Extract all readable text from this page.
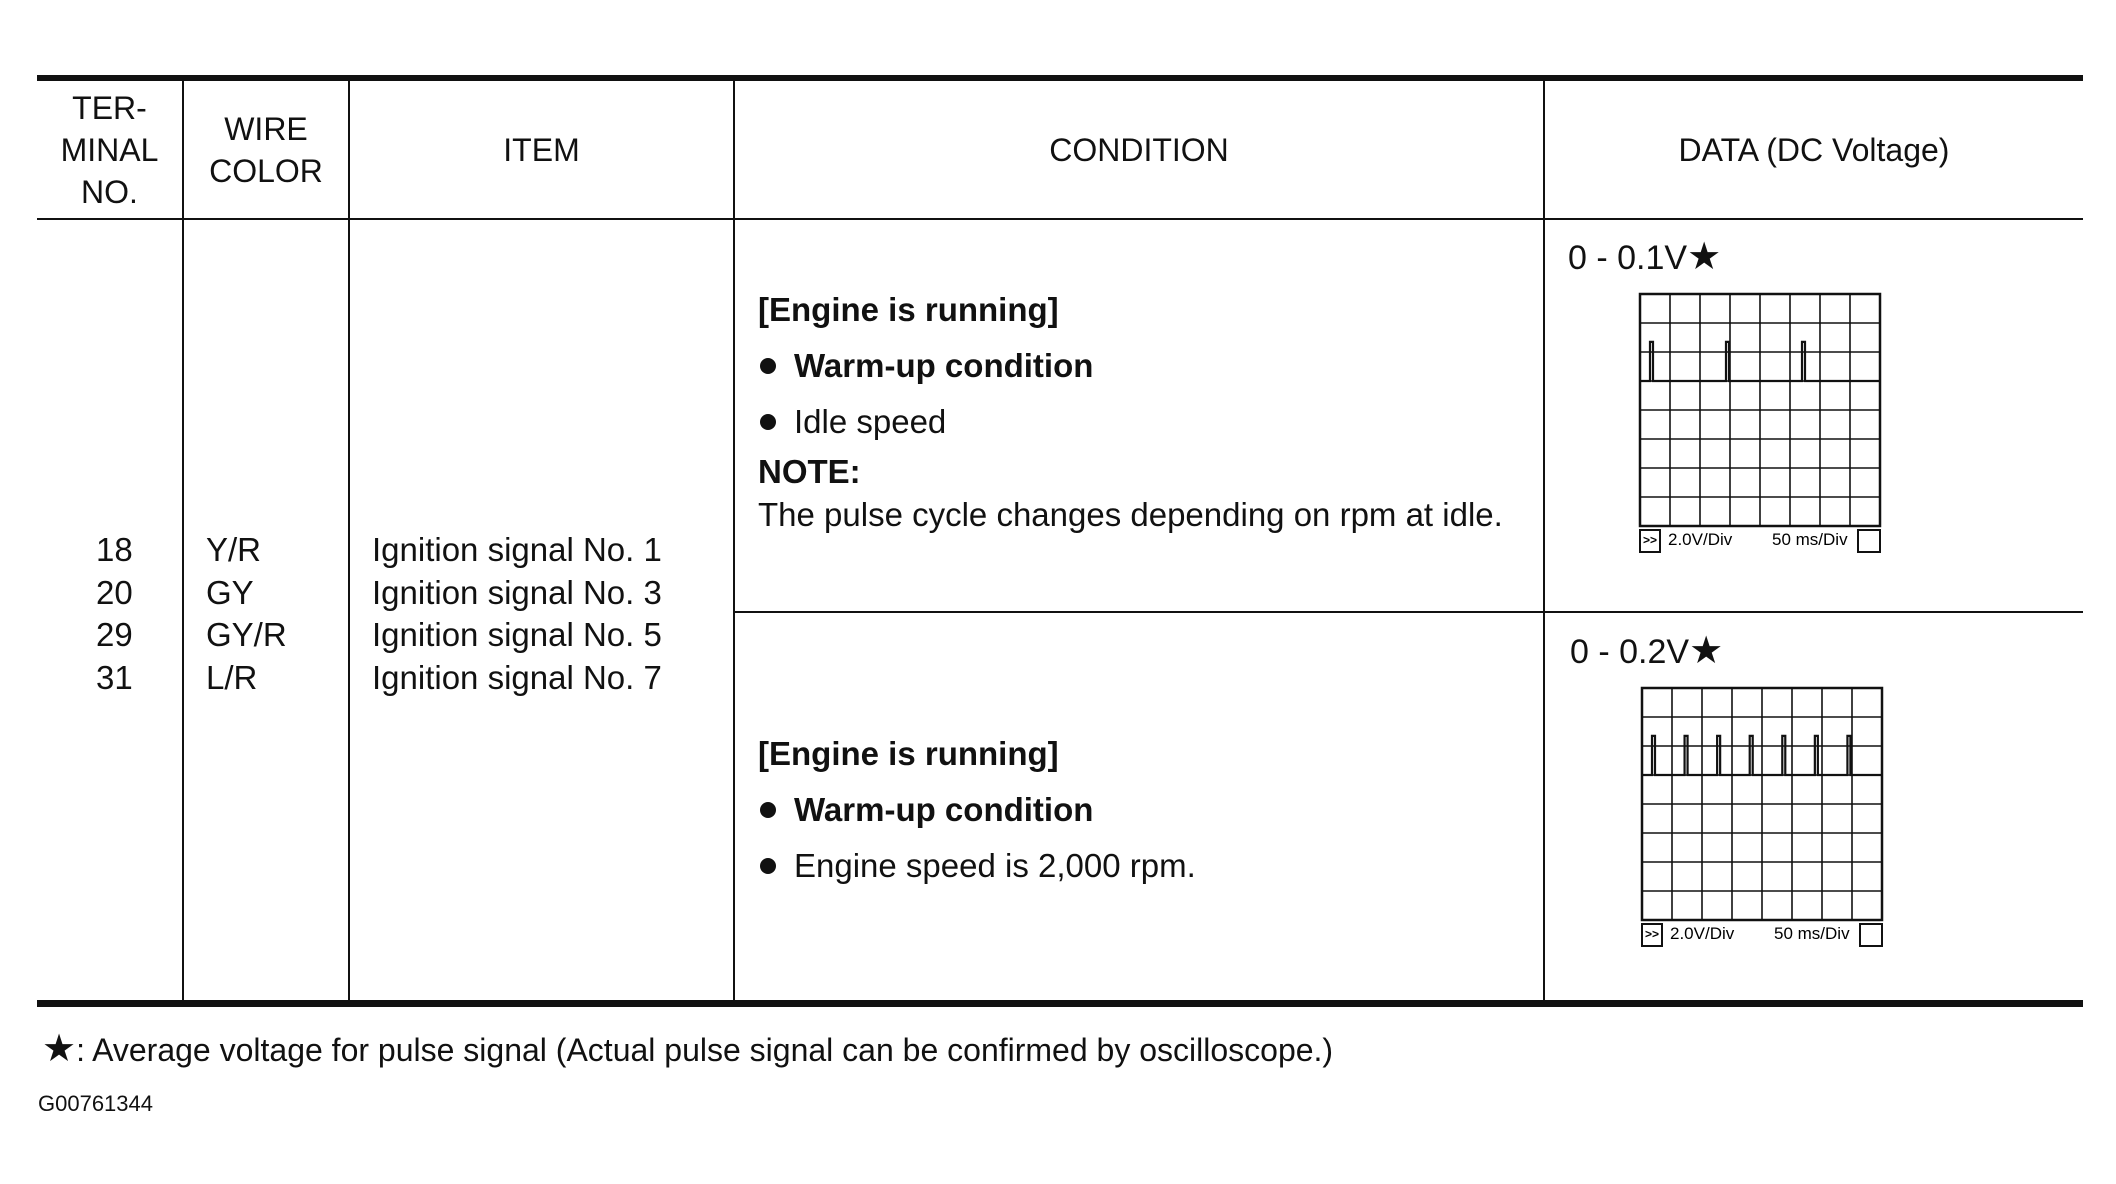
TER-
MINAL
NO.
WIRE
COLOR
ITEM	CONDITION	DATA (DC Voltage)
18
20
29
31
Y/R
GY
GY/R
L/R
Ignition signal No. 1
Ignition signal No. 3
Ignition signal No. 5
Ignition signal No. 7
[Engine is running]
Warm-up condition
Idle speed
NOTE:
The pulse cycle changes depending on rpm at idle.
[Engine is running]
Warm-up condition
Engine speed is 2,000 rpm.
0 - 0.1V★
>> 2.0V/Div 50 ms/Div
0 - 0.2V★
>> 2.0V/Div 50 ms/Div
★: Average voltage for pulse signal (Actual pulse signal can be confirmed by oscilloscope.)
G00761344
